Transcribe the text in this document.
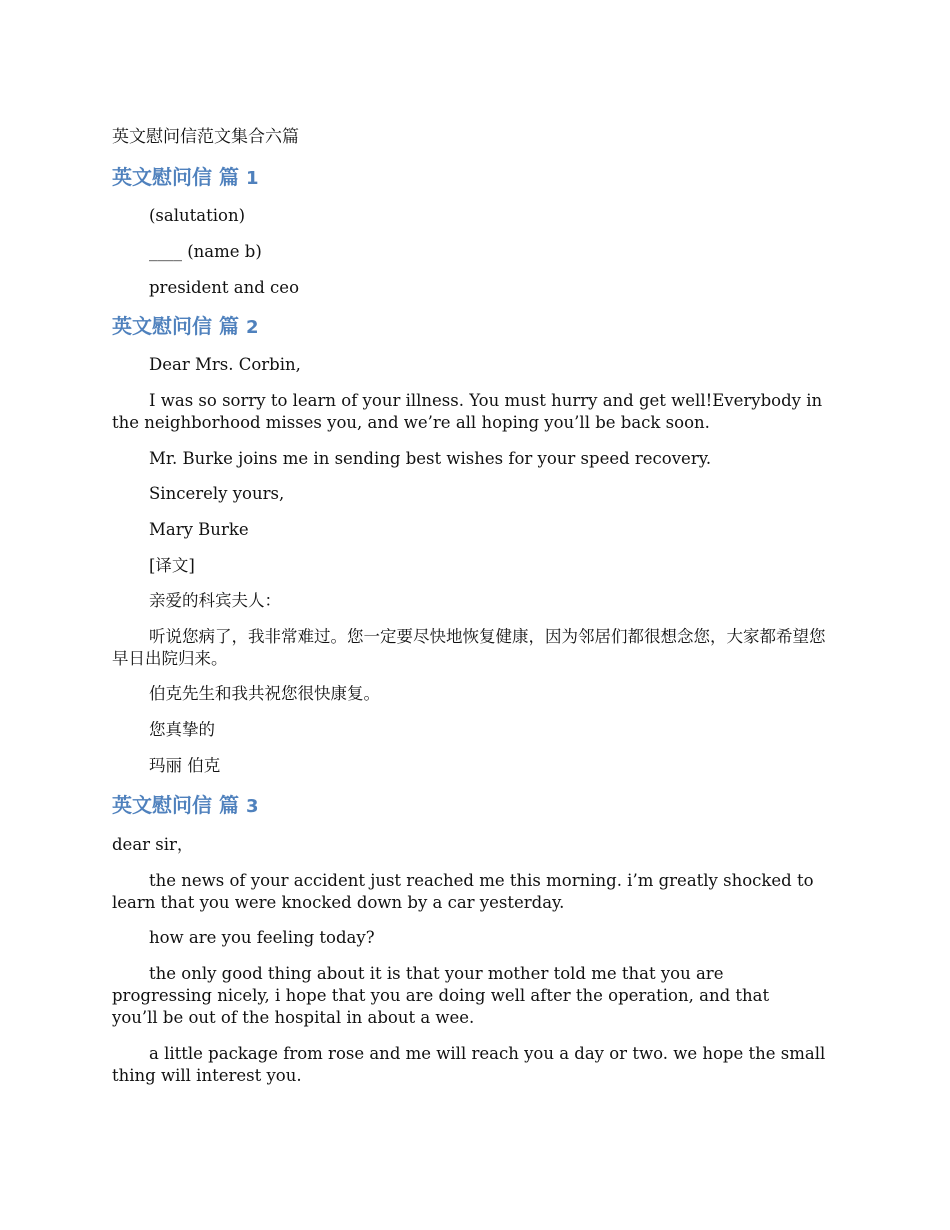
英文慰问信范文集合六篇
英文慰问信 篇 1
(salutation)
____ (name b)
president and ceo
英文慰问信 篇 2
Dear Mrs. Corbin,
I was so sorry to learn of your illness. You must hurry and get well!Everybody in the neighborhood misses you, and we’re all hoping you’ll be back soon.
Mr. Burke joins me in sending best wishes for your speed recovery.
Sincerely yours,
Mary Burke
[译文]
亲爱的科宾夫人：
听说您病了，我非常难过。您一定要尽快地恢复健康，因为邻居们都很想念您，大家都希望您早日出院归来。
伯克先生和我共祝您很快康复。
您真挚的
玛丽 伯克
英文慰问信 篇 3
dear sir，
the news of your accident just reached me this morning. i’m greatly shocked to learn that you were knocked down by a car yesterday.
how are you feeling today?
the only good thing about it is that your mother told me that you are progressing nicely, i hope that you are doing well after the operation, and that you’ll be out of the hospital in about a wee.
a little package from rose and me will reach you a day or two. we hope the small thing will interest you.
